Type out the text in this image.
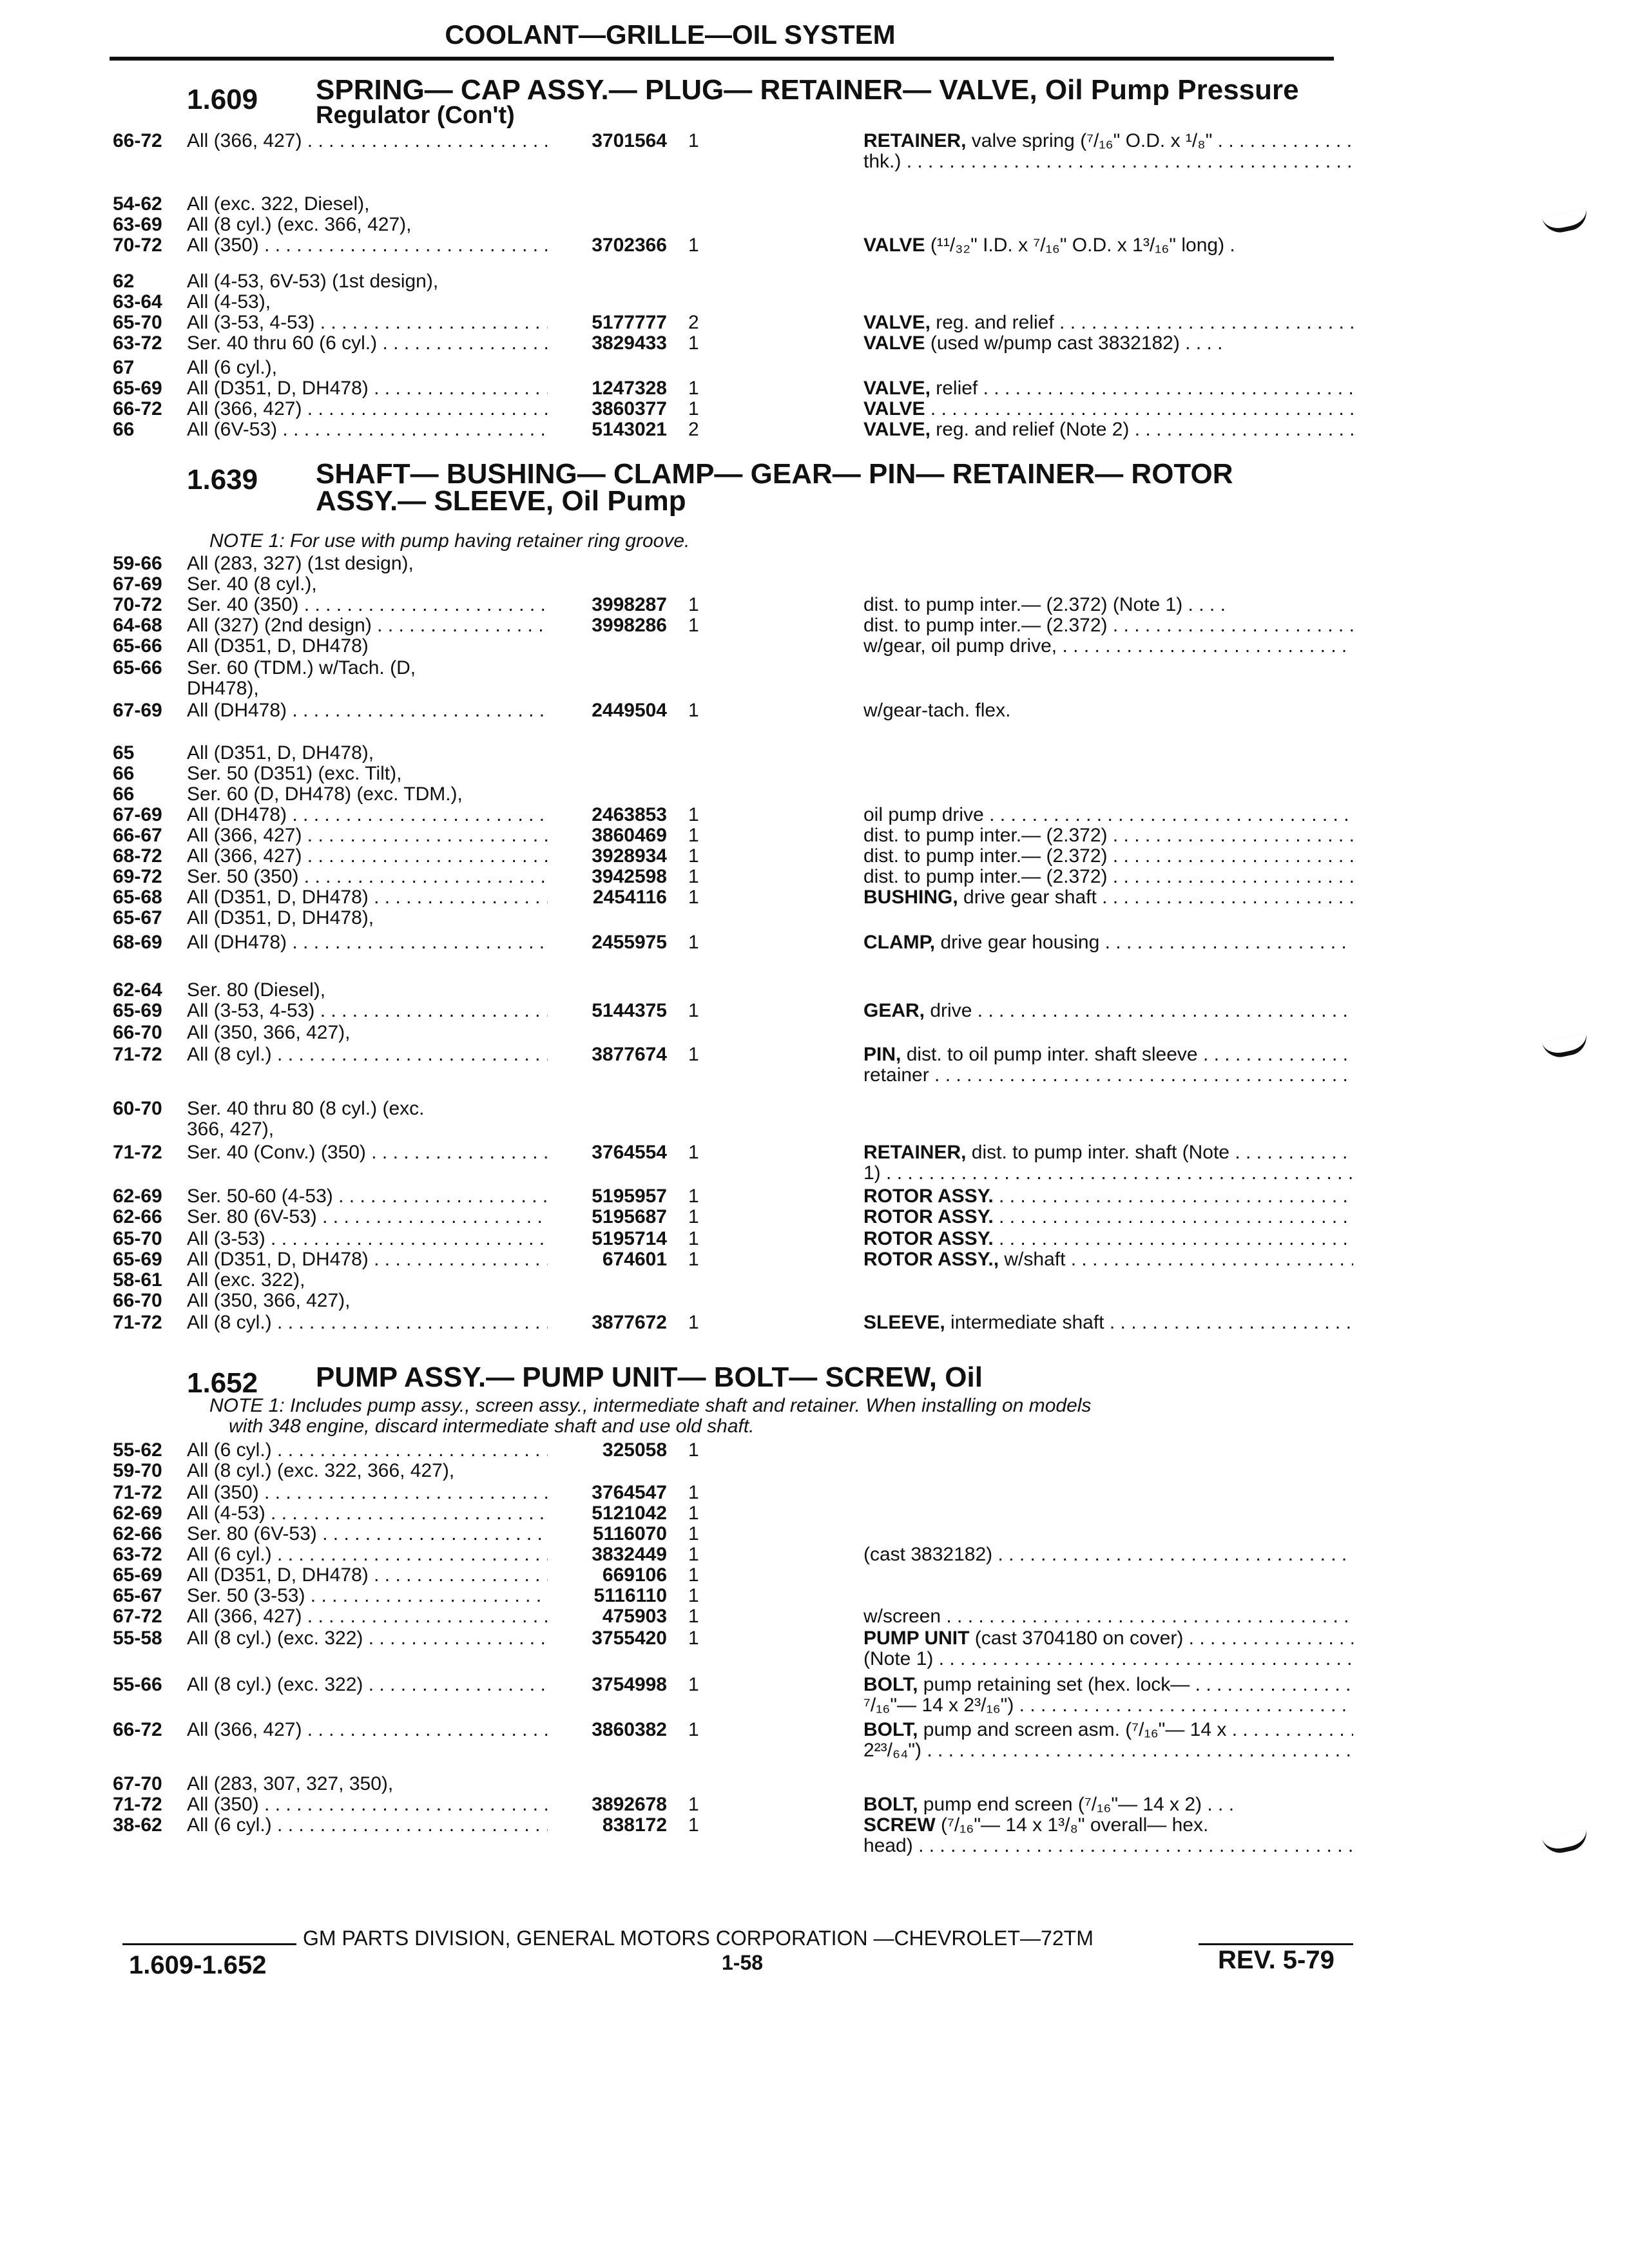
COOLANT—GRILLE—OIL SYSTEM
1.609 SPRING— CAP ASSY.— PLUG— RETAINER— VALVE, Oil Pump Pressure
Regulator (Con't)
66-72	All (366, 427) . . .	3701564 1	RETAINER, valve spring (⁷/₁₆" O.D. x ¹/₈" . . .
thk.) . . .
54-62	All (exc. 322, Diesel),
63-69	All (8 cyl.) (exc. 366, 427),
70-72	All (350) . . .	3702366 1	VALVE (¹¹/₃₂" I.D. x ⁷/₁₆" O.D. x 1³/₁₆" long) .
62	All (4-53, 6V-53) (1st design),
63-64	All (4-53),
65-70	All (3-53, 4-53) . . .	5177777 2	VALVE, reg. and relief . . .
63-72	Ser. 40 thru 60 (6 cyl.) . . .	3829433 1	VALVE (used w/pump cast 3832182) . . . .
67	All (6 cyl.),
65-69	All (D351, D, DH478) . . .	1247328 1	VALVE, relief . . .
66-72	All (366, 427) . . .	3860377 1	VALVE . . .
66	All (6V-53) . . .	5143021 2	VALVE, reg. and relief (Note 2) . . .
1.639 SHAFT— BUSHING— CLAMP— GEAR— PIN— RETAINER— ROTOR
ASSY.— SLEEVE, Oil Pump
NOTE 1: For use with pump having retainer ring groove.
59-66	All (283, 327) (1st design),
67-69	Ser. 40 (8 cyl.),
70-72	Ser. 40 (350) . . .	3998287 1	dist. to pump inter.— (2.372) (Note 1) . . . .
64-68	All (327) (2nd design) . . .	3998286 1	dist. to pump inter.— (2.372) . . .
65-66	All (D351, D, DH478)	w/gear, oil pump drive, . . .
65-66	Ser. 60 (TDM.) w/Tach. (D,
DH478),
67-69	All (DH478) . . .	2449504 1	w/gear-tach. flex.
65	All (D351, D, DH478),
66	Ser. 50 (D351) (exc. Tilt),
66	Ser. 60 (D, DH478) (exc. TDM.),
67-69	All (DH478) . . .	2463853 1	oil pump drive . . .
66-67	All (366, 427) . . .	3860469 1	dist. to pump inter.— (2.372) . . .
68-72	All (366, 427) . . .	3928934 1	dist. to pump inter.— (2.372) . . .
69-72	Ser. 50 (350) . . .	3942598 1	dist. to pump inter.— (2.372) . . .
65-68	All (D351, D, DH478) . . .	2454116 1	BUSHING, drive gear shaft . . .
65-67	All (D351, D, DH478),
68-69	All (DH478) . . .	2455975 1	CLAMP, drive gear housing . . .
62-64	Ser. 80 (Diesel),
65-69	All (3-53, 4-53) . . .	5144375 1	GEAR, drive . . .
66-70	All (350, 366, 427),
71-72	All (8 cyl.) . . .	3877674 1	PIN, dist. to oil pump inter. shaft sleeve . . .
retainer . . .
60-70	Ser. 40 thru 80 (8 cyl.) (exc.
366, 427),
71-72	Ser. 40 (Conv.) (350) . . .	3764554 1	RETAINER, dist. to pump inter. shaft (Note . . .
1) . . .
62-69	Ser. 50-60 (4-53) . . .	5195957 1	ROTOR ASSY. . . .
62-66	Ser. 80 (6V-53) . . .	5195687 1	ROTOR ASSY. . . .
65-70	All (3-53) . . .	5195714 1	ROTOR ASSY. . . .
65-69	All (D351, D, DH478) . . .	674601 1	ROTOR ASSY., w/shaft . . .
58-61	All (exc. 322),
66-70	All (350, 366, 427),
71-72	All (8 cyl.) . . .	3877672 1	SLEEVE, intermediate shaft . . .
1.652 PUMP ASSY.— PUMP UNIT— BOLT— SCREW, Oil
NOTE 1: Includes pump assy., screen assy., intermediate shaft and retainer. When installing on models
with 348 engine, discard intermediate shaft and use old shaft.
55-62	All (6 cyl.) . . .	325058 1
59-70	All (8 cyl.) (exc. 322, 366, 427),
71-72	All (350) . . .	3764547 1
62-69	All (4-53) . . .	5121042 1
62-66	Ser. 80 (6V-53) . . .	5116070 1
63-72	All (6 cyl.) . . .	3832449 1	(cast 3832182) . . .
65-69	All (D351, D, DH478) . . .	669106 1
65-67	Ser. 50 (3-53) . . .	5116110 1
67-72	All (366, 427) . . .	475903 1	w/screen . . .
55-58	All (8 cyl.) (exc. 322) . . .	3755420 1	PUMP UNIT (cast 3704180 on cover) . . .
(Note 1) . . .
55-66	All (8 cyl.) (exc. 322) . . .	3754998 1	BOLT, pump retaining set (hex. lock— . . .
⁷/₁₆"— 14 x 2³/₁₆") . . .
66-72	All (366, 427) . . .	3860382 1	BOLT, pump and screen asm. (⁷/₁₆"— 14 x . . .
2²³/₆₄") . . .
67-70	All (283, 307, 327, 350),
71-72	All (350) . . .	3892678 1	BOLT, pump end screen (⁷/₁₆"— 14 x 2) . . .
38-62	All (6 cyl.) . . .	838172 1	SCREW (⁷/₁₆"— 14 x 1³/₈" overall— hex.
head) . . .
GM PARTS DIVISION, GENERAL MOTORS CORPORATION —CHEVROLET—72TM
1.609-1.652	1-58	REV. 5-79
